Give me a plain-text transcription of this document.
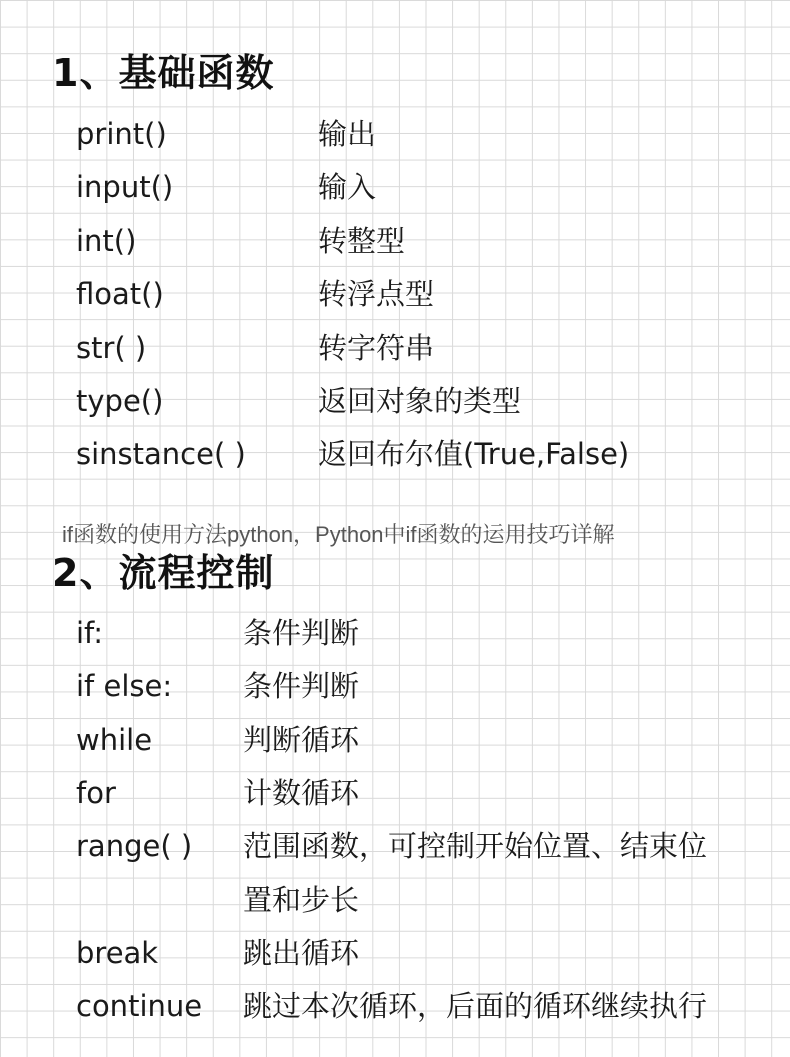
1、基础函数
print()	输出
input()	输入
int()	转整型
float()	转浮点型
str( )	转字符串
type()	返回对象的类型
sinstance( ) 返回布尔值(True,False)
2、流程控制
if函数的使用方法python，Python中if函数的运用技巧详解
if:	条件判断
if else: 条件判断
while	判断循环
for	计数循环
range( ) 范围函数，可控制开始位置、结束位
置和步长
break	跳出循环
continue 跳过本次循环，后面的循环继续执行
